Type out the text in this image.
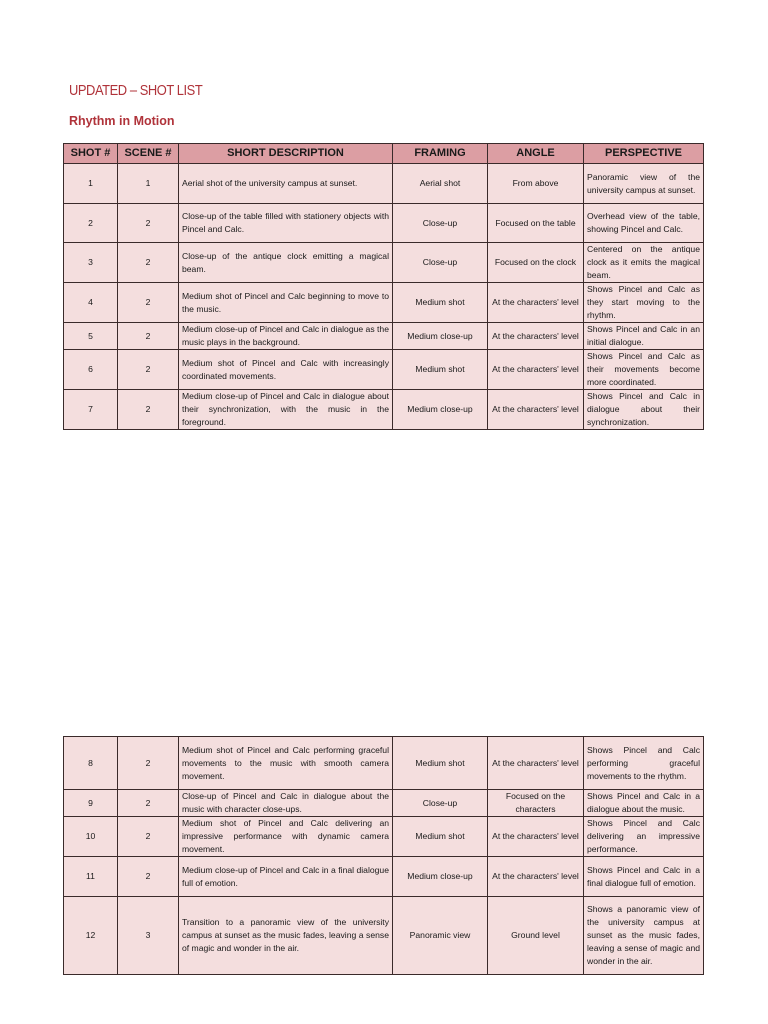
UPDATED – SHOT LIST
Rhythm in Motion
SHOT #	SCENE #	SHORT DESCRIPTION	FRAMING	ANGLE	PERSPECTIVE
1	1	Aerial shot of the university campus at sunset.	Aerial shot	From above	Panoramic view of the university campus at sunset.
2	2	Close-up of the table filled with stationery objects with Pincel and Calc.	Close-up	Focused on the table	Overhead view of the table, showing Pincel and Calc.
3	2	Close-up of the antique clock emitting a magical beam.	Close-up	Focused on the clock	Centered on the antique clock as it emits the magical beam.
4	2	Medium shot of Pincel and Calc beginning to move to the music.	Medium shot	At the characters' level	Shows Pincel and Calc as they start moving to the rhythm.
5	2	Medium close-up of Pincel and Calc in dialogue as the music plays in the background.	Medium close-up	At the characters' level	Shows Pincel and Calc in an initial dialogue.
6	2	Medium shot of Pincel and Calc with increasingly coordinated movements.	Medium shot	At the characters' level	Shows Pincel and Calc as their movements become more coordinated.
7	2	Medium close-up of Pincel and Calc in dialogue about their synchronization, with the music in the foreground.	Medium close-up	At the characters' level	Shows Pincel and Calc in dialogue about their synchronization.
8	2	Medium shot of Pincel and Calc performing graceful movements to the music with smooth camera movement.	Medium shot	At the characters' level	Shows Pincel and Calc performing graceful movements to the rhythm.
9	2	Close-up of Pincel and Calc in dialogue about the music with character close-ups.	Close-up	Focused on the characters	Shows Pincel and Calc in a dialogue about the music.
10	2	Medium shot of Pincel and Calc delivering an impressive performance with dynamic camera movement.	Medium shot	At the characters' level	Shows Pincel and Calc delivering an impressive performance.
11	2	Medium close-up of Pincel and Calc in a final dialogue full of emotion.	Medium close-up	At the characters' level	Shows Pincel and Calc in a final dialogue full of emotion.
12	3	Transition to a panoramic view of the university campus at sunset as the music fades, leaving a sense of magic and wonder in the air.	Panoramic view	Ground level	Shows a panoramic view of the university campus at sunset as the music fades, leaving a sense of magic and wonder in the air.
